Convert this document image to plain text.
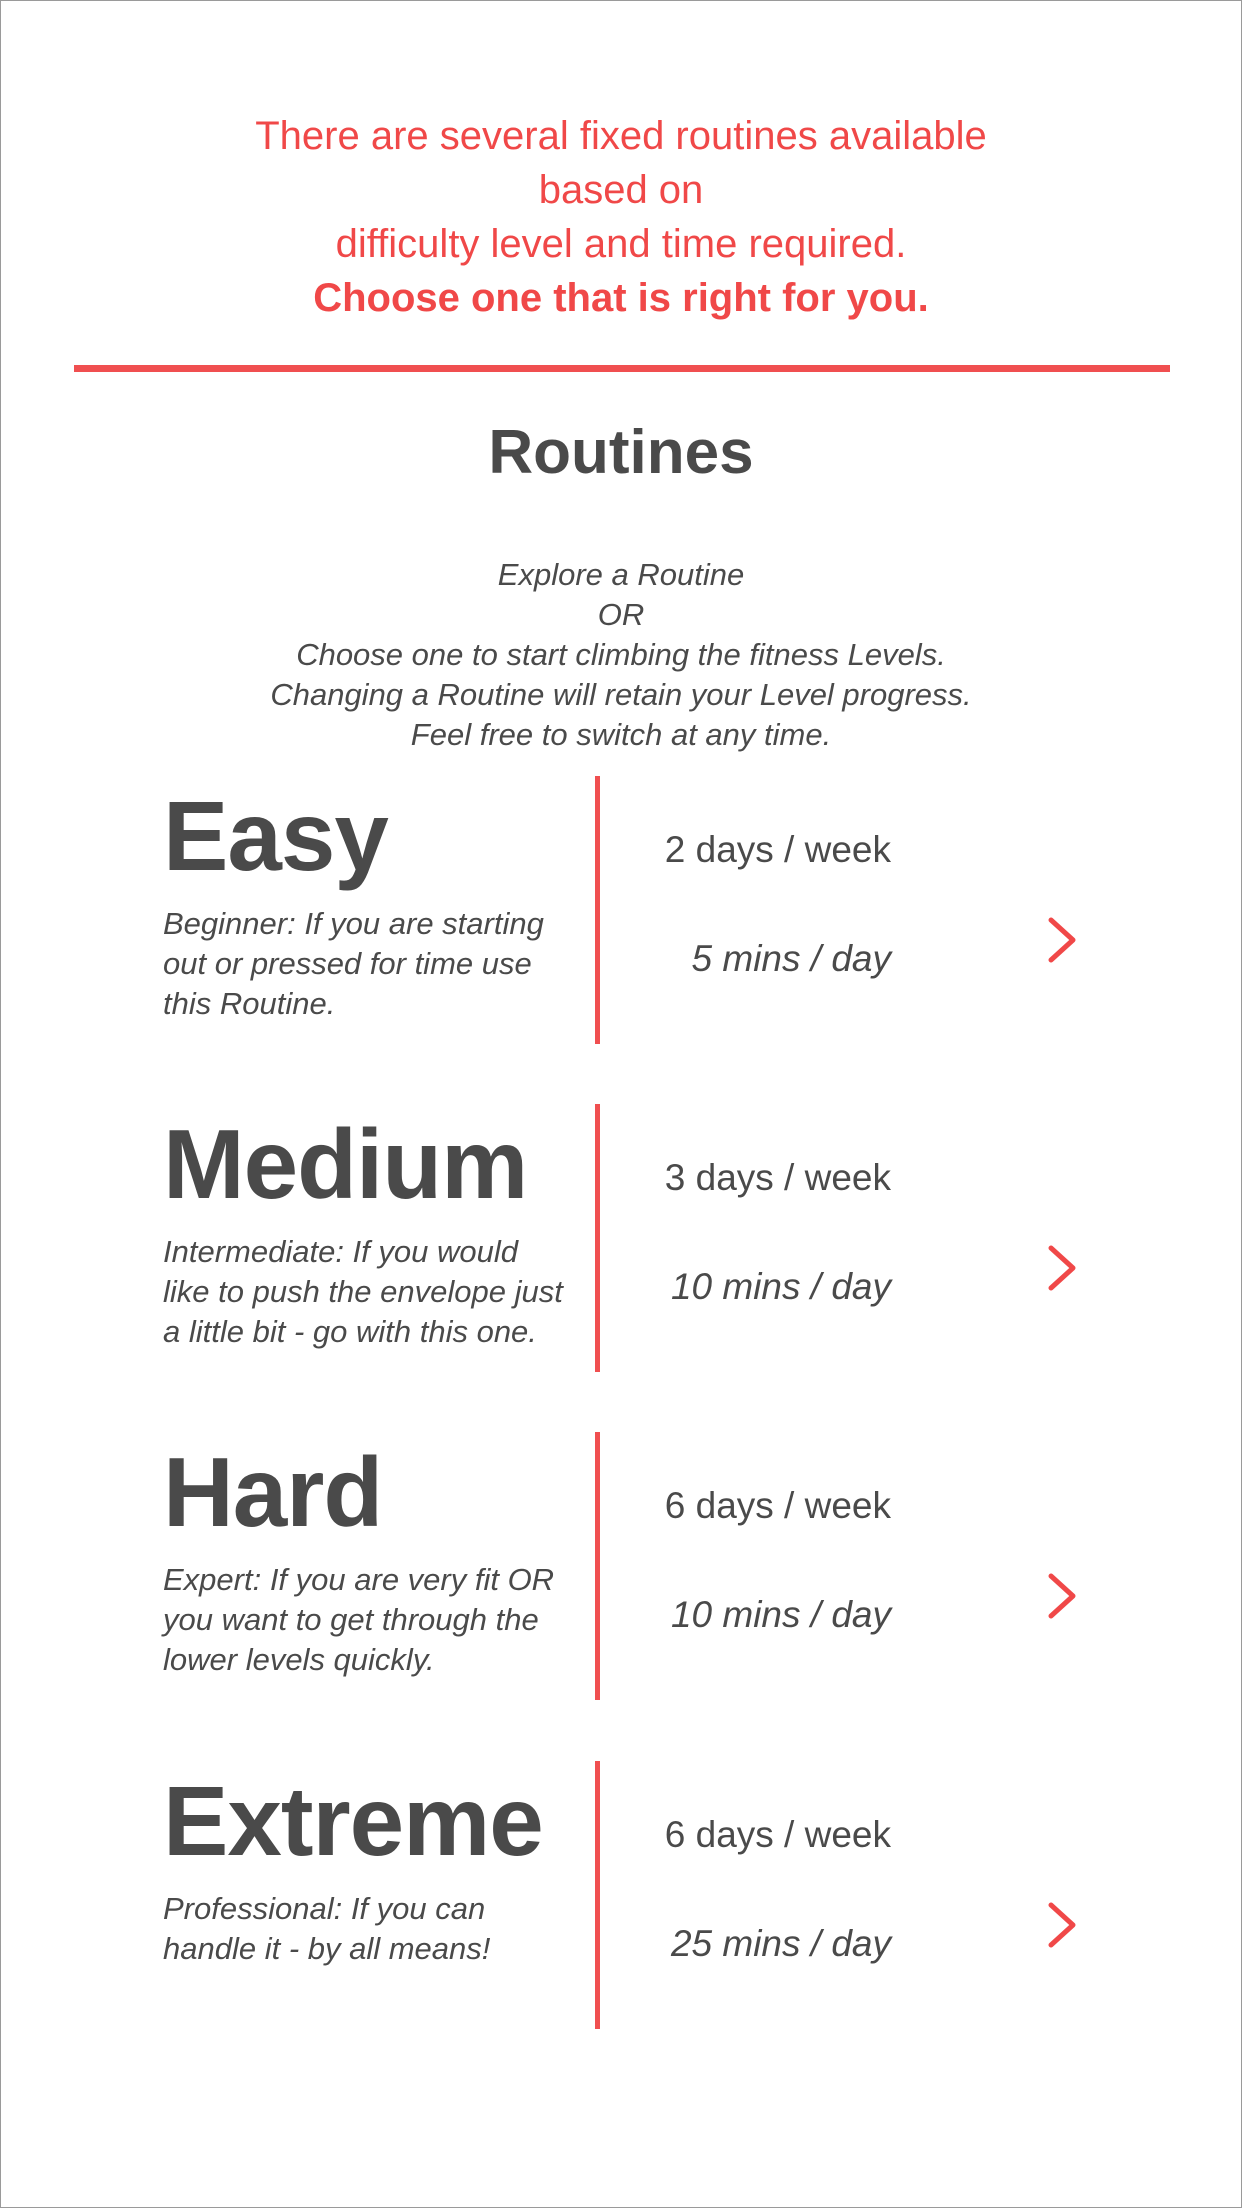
There are several fixed routines available
based on
difficulty level and time required.
Choose one that is right for you.
Routines
Explore a Routine
OR
Choose one to start climbing the fitness Levels.
Changing a Routine will retain your Level progress.
Feel free to switch at any time.
Easy
Beginner: If you are starting out or pressed for time use this Routine.
2 days / week
5 mins / day
Medium
Intermediate: If you would like to push the envelope just a little bit - go with this one.
3 days / week
10 mins / day
Hard
Expert: If you are very fit OR you want to get through the lower levels quickly.
6 days / week
10 mins / day
Extreme
Professional: If you can handle it - by all means!
6 days / week
25 mins / day
